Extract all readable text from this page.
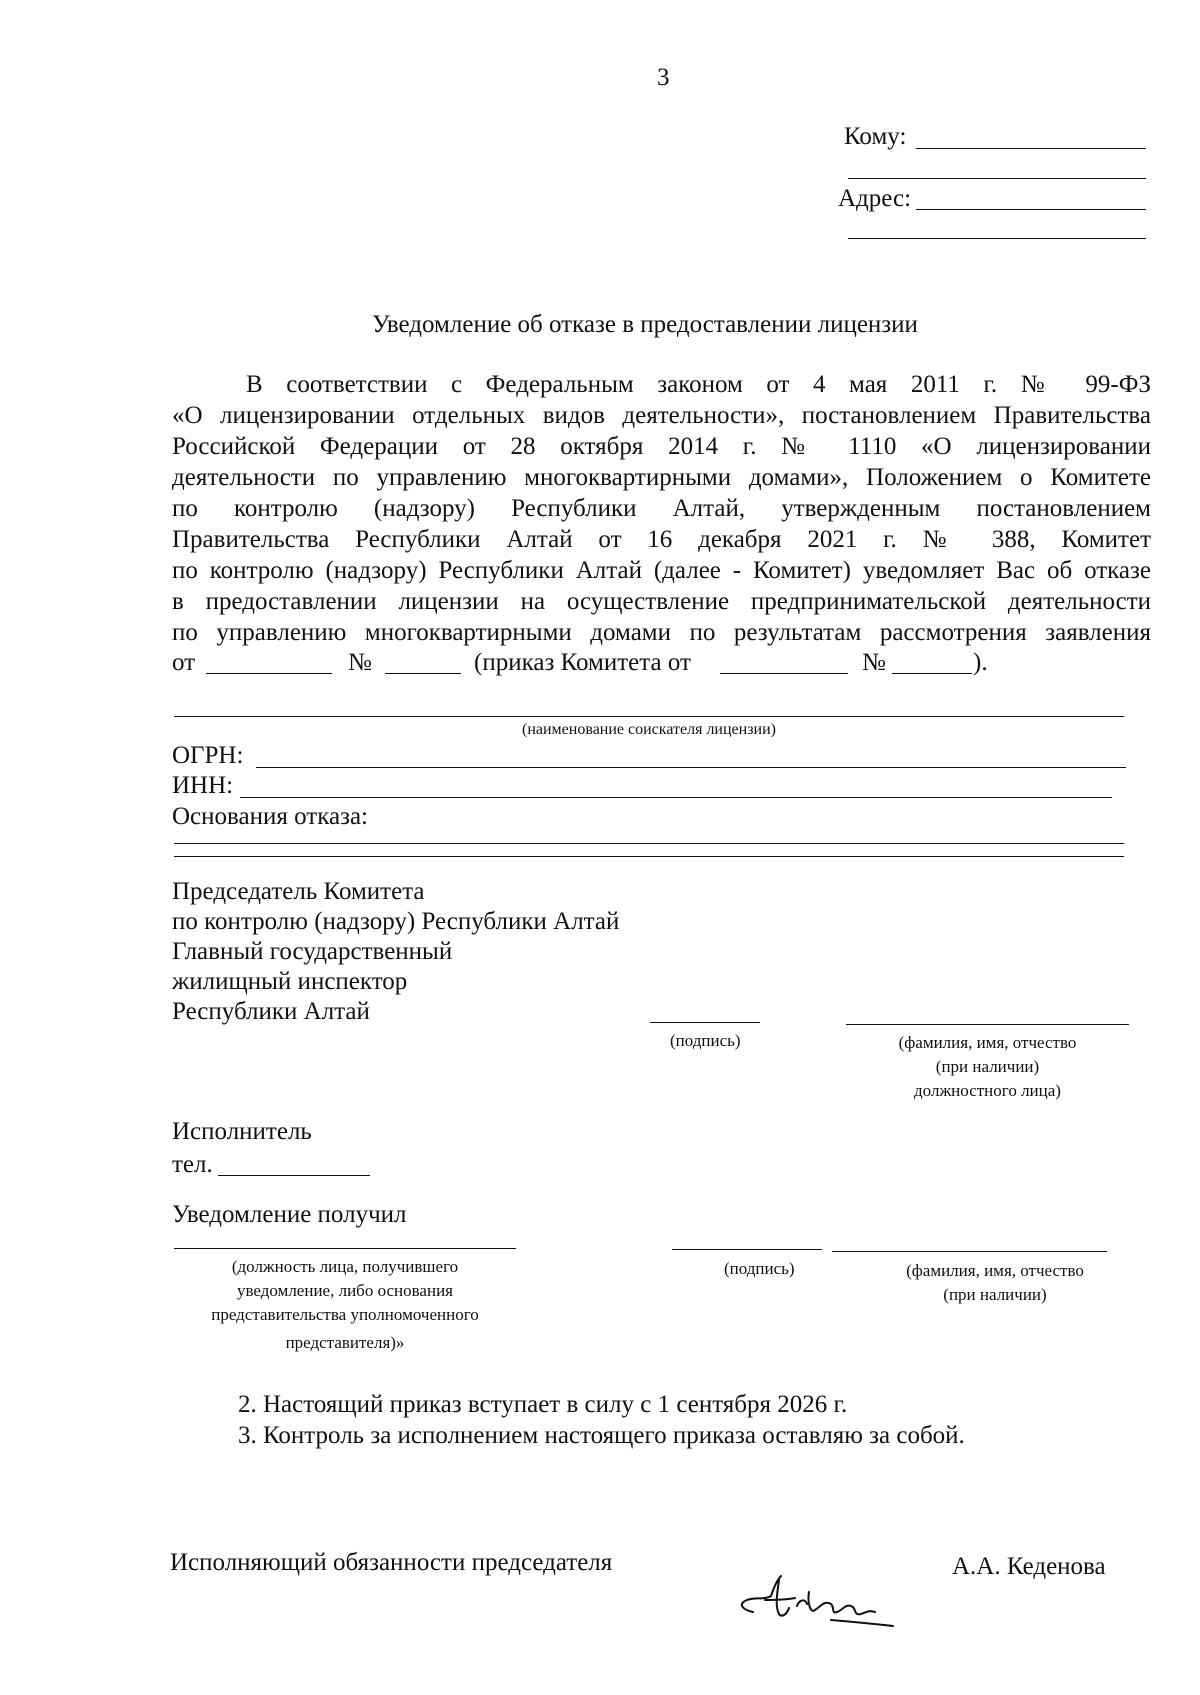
3
Кому:
Адрес:
Уведомление об отказе в предоставлении лицензии
В соответствии с Федеральным законом от 4 мая 2011 г. № 99-ФЗ
«О лицензировании отдельных видов деятельности», постановлением Правительства
Российской Федерации от 28 октября 2014 г. № 1110 «О лицензировании
деятельности по управлению многоквартирными домами», Положением о Комитете
по контролю (надзору) Республики Алтай, утвержденным постановлением
Правительства Республики Алтай от 16 декабря 2021 г. № 388, Комитет
по контролю (надзору) Республики Алтай (далее - Комитет) уведомляет Вас об отказе
в предоставлении лицензии на осуществление предпринимательской деятельности
по управлению многоквартирными домами по результатам рассмотрения заявления
от	№	(приказ Комитета от	№	).
(наименование соискателя лицензии)
ОГРН:
ИНН:
Основания отказа:
Председатель Комитета
по контролю (надзору) Республики Алтай
Главный государственный
жилищный инспектор
Республики Алтай
(подпись)	(фамилия, имя, отчество
(при наличии)
должностного лица)
Исполнитель
тел.
Уведомление получил
(должность лица, получившего
уведомление, либо основания
представительства уполномоченного
представителя)»
(подпись)	(фамилия, имя, отчество
(при наличии)
2. Настоящий приказ вступает в силу с 1 сентября 2026 г.
3. Контроль за исполнением настоящего приказа оставляю за собой.
Исполняющий обязанности председателя	А.А. Кеденова
